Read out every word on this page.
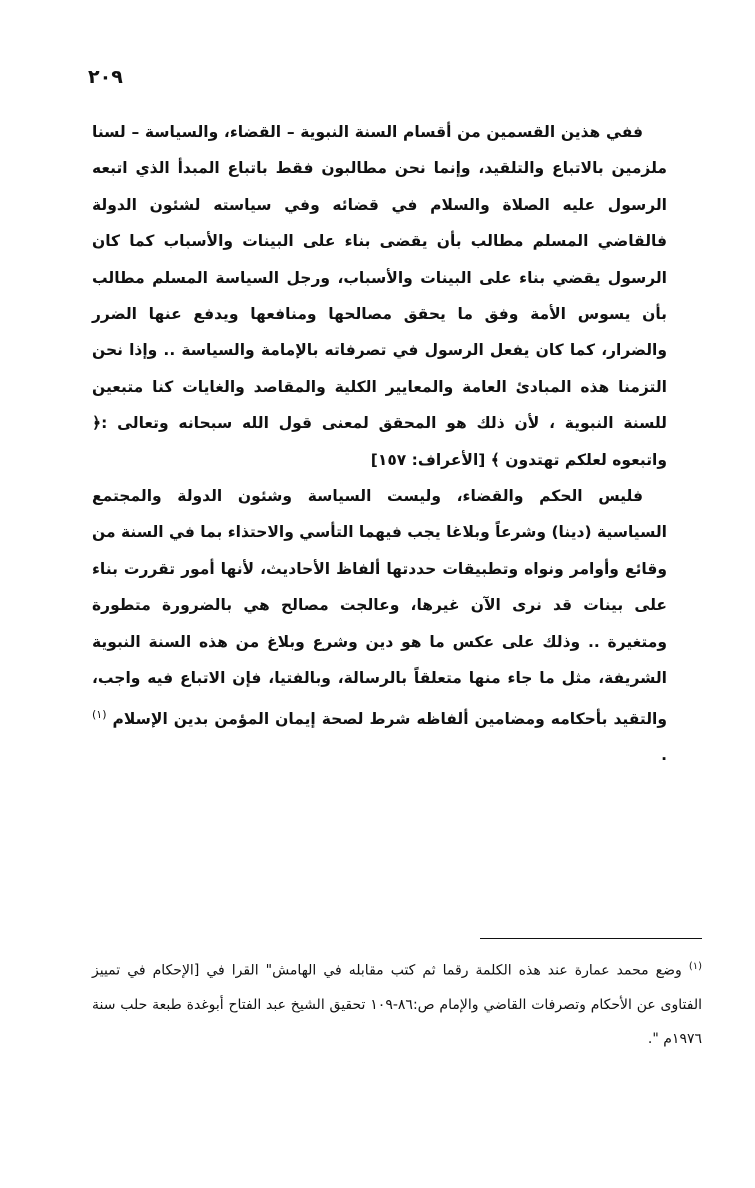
٢٠٩

ففي هذين القسمين من أقسام السنة النبوية – القضاء، والسياسة – لسنا ملزمين بالاتباع والتلقيد، وإنما نحن مطالبون فقط باتباع المبدأ الذي اتبعه الرسول عليه الصلاة والسلام في قضائه وفي سياسته لشئون الدولة فالقاضي المسلم مطالب بأن يقضى بناء على البينات والأسباب كما كان الرسول يقضي بناء على البينات والأسباب، ورجل السياسة المسلم مطالب بأن يسوس الأمة وفق ما يحقق مصالحها ومنافعها ويدفع عنها الضرر والضرار، كما كان يفعل الرسول في تصرفاته بالإمامة والسياسة .. وإذا نحن التزمنا هذه المبادئ العامة والمعايير الكلية والمقاصد والغايات كنا متبعين للسنة النبوية ، لأن ذلك هو المحقق لمعنى قول الله سبحانه وتعالى :﴿ واتبعوه لعلكم تهتدون ﴾ [الأعراف: ١٥٧]

فليس الحكم والقضاء، وليست السياسة وشئون الدولة والمجتمع السياسية (دينا) وشرعاً وبلاغا يجب فيهما التأسي والاحتذاء بما في السنة من وقائع وأوامر ونواه وتطبيقات حددتها ألفاظ الأحاديث، لأنها أمور تقررت بناء على بينات قد نرى الآن غيرها، وعالجت مصالح هي بالضرورة متطورة ومتغيرة .. وذلك على عكس ما هو دين وشرع وبلاغ من هذه السنة النبوية الشريفة، مثل ما جاء منها متعلقاً بالرسالة، وبالفتيا، فإن الاتباع فيه واجب، والتقيد بأحكامه ومضامين ألفاظه شرط لصحة إيمان المؤمن بدين الإسلام $^{(١)}$ .

$^{(١)}$ وضع محمد عمارة عند هذه الكلمة رقما ثم كتب مقابله في الهامش" القرا في [الإحكام في تمييز الفتاوى عن الأحكام وتصرفات القاضي والإمام ص:٨٦-١٠٩ تحقيق الشيخ عبد الفتاح أبوغدة طبعة حلب سنة ١٩٧٦م ".
